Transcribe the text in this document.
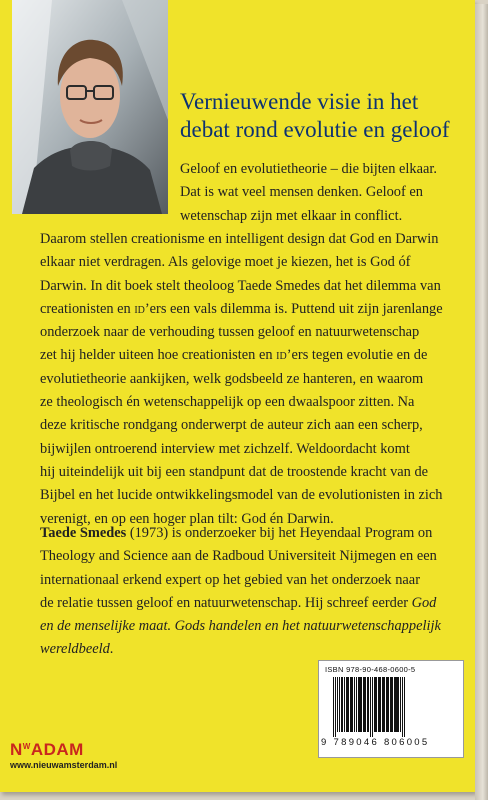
Vernieuwende visie in het
debat rond evolutie en geloof
Geloof en evolutietheorie – die bijten elkaar.
Dat is wat veel mensen denken. Geloof en
wetenschap zijn met elkaar in conflict.
Daarom stellen creationisme en intelligent design dat God en Darwin
elkaar niet verdragen. Als gelovige moet je kiezen, het is God óf
Darwin. In dit boek stelt theoloog Taede Smedes dat het dilemma van
creationisten en id’ers een vals dilemma is. Puttend uit zijn jarenlange
onderzoek naar de verhouding tussen geloof en natuurwetenschap
zet hij helder uiteen hoe creationisten en id’ers tegen evolutie en de
evolutietheorie aankijken, welk godsbeeld ze hanteren, en waarom
ze theologisch én wetenschappelijk op een dwaalspoor zitten. Na
deze kritische rondgang onderwerpt de auteur zich aan een scherp,
bijwijlen ontroerend interview met zichzelf. Weldoordacht komt
hij uiteindelijk uit bij een standpunt dat de troostende kracht van de
Bijbel en het lucide ontwikkelingsmodel van de evolutionisten in zich
verenigt, en op een hoger plan tilt: God én Darwin.
Taede Smedes (1973) is onderzoeker bij het Heyendaal Program on
Theology and Science aan de Radboud Universiteit Nijmegen en een
internationaal erkend expert op het gebied van het onderzoek naar
de relatie tussen geloof en natuurwetenschap. Hij schreef eerder God
en de menselijke maat. Gods handelen en het natuurwetenschappelijk
wereldbeeld.
ISBN 978-90-468-0600-5
9 789046 806005
$N^WADAM$
www.nieuwamsterdam.nl
